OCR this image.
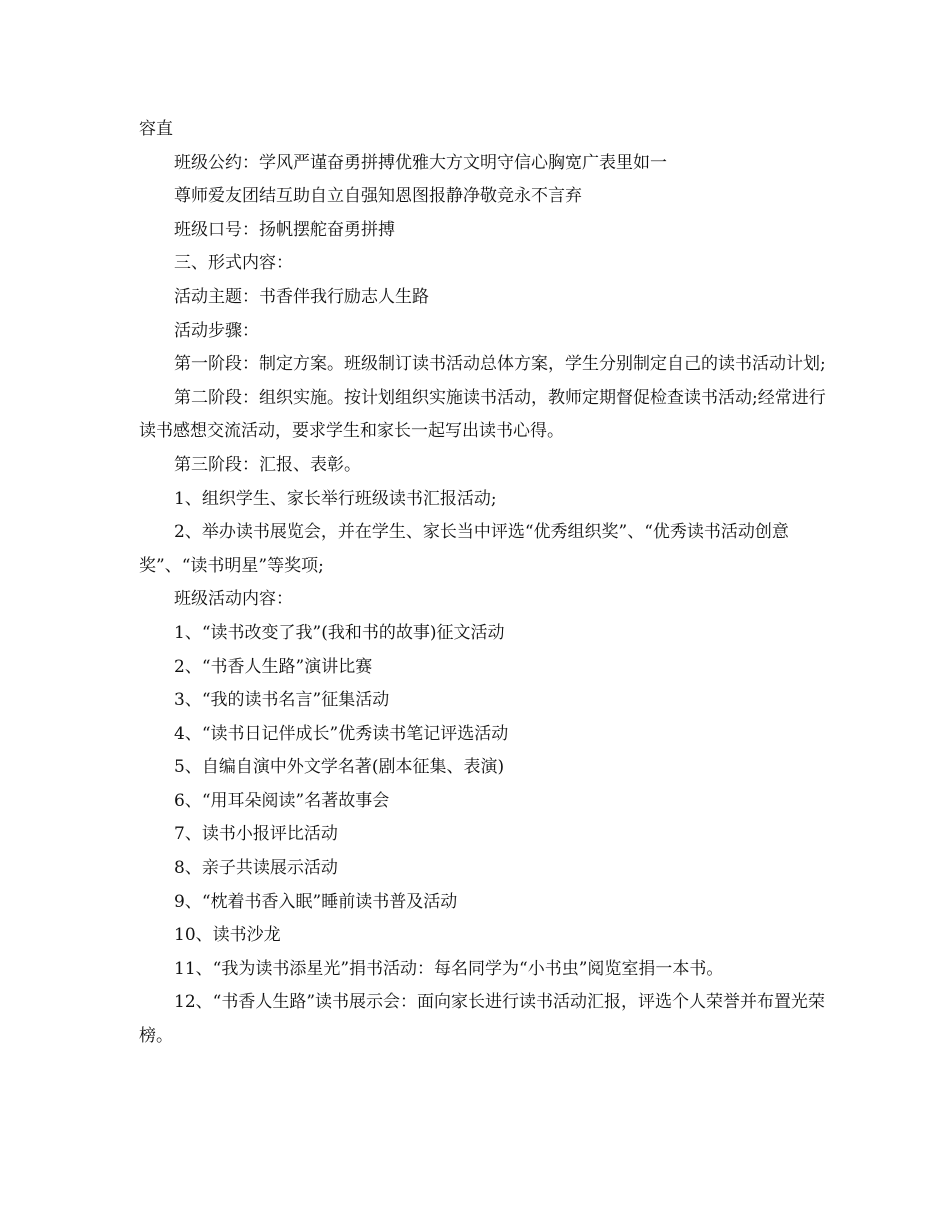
容直

班级公约：学风严谨奋勇拼搏优雅大方文明守信心胸宽广表里如一

尊师爱友团结互助自立自强知恩图报静净敬竞永不言弃

班级口号：扬帆摆舵奋勇拼搏

三、形式内容：

活动主题：书香伴我行励志人生路

活动步骤：

第一阶段：制定方案。班级制订读书活动总体方案，学生分别制定自己的读书活动计划;

第二阶段：组织实施。按计划组织实施读书活动，教师定期督促检查读书活动;经常进行读书感想交流活动，要求学生和家长一起写出读书心得。

第三阶段：汇报、表彰。

1、组织学生、家长举行班级读书汇报活动;

2、举办读书展览会，并在学生、家长当中评选“优秀组织奖”、“优秀读书活动创意奖”、“读书明星”等奖项;

班级活动内容：

1、“读书改变了我”(我和书的故事)征文活动

2、“书香人生路”演讲比赛

3、“我的读书名言”征集活动

4、“读书日记伴成长”优秀读书笔记评选活动

5、自编自演中外文学名著(剧本征集、表演)

6、“用耳朵阅读”名著故事会

7、读书小报评比活动

8、亲子共读展示活动

9、“枕着书香入眠”睡前读书普及活动

10、读书沙龙

11、“我为读书添星光”捐书活动：每名同学为“小书虫”阅览室捐一本书。

12、“书香人生路”读书展示会：面向家长进行读书活动汇报，评选个人荣誉并布置光荣榜。
